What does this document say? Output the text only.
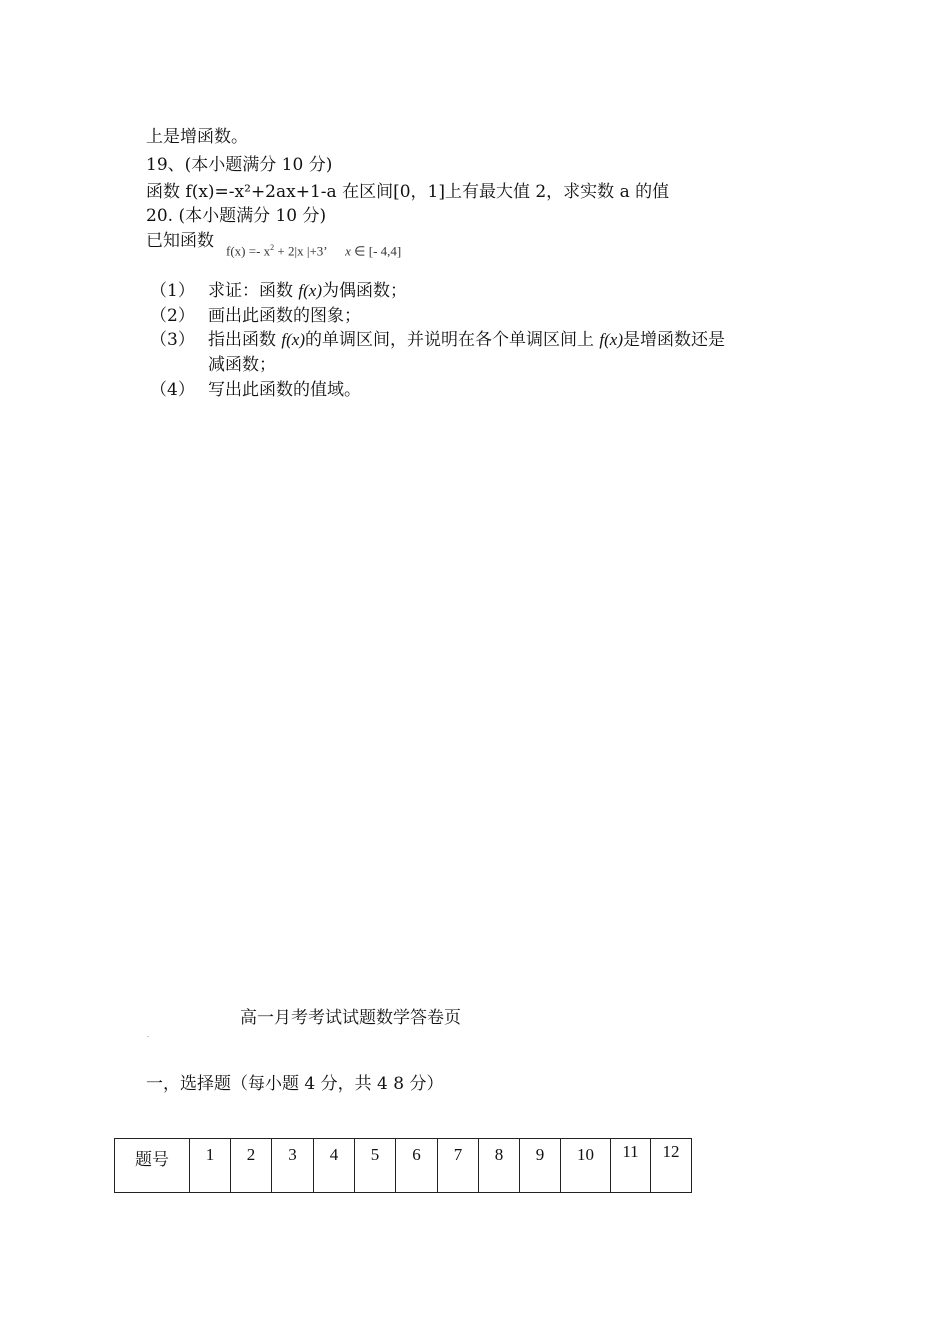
上是增函数。
19、(本小题满分 10 分)
函数 f(x)=-x²+2ax+1-a 在区间[0，1]上有最大值 2，求实数 a 的值
20. (本小题满分 10 分)
已知函数 $f(x) =- x^2 + 2|x$ |+3’ x ∈ [- 4,4]
（1） 求证：函数 f(x)为偶函数；
（2） 画出此函数的图象；
（3） 指出函数 f(x)的单调区间，并说明在各个单调区间上 f(x)是增函数还是
减函数；
（4） 写出此函数的值域。
高一月考考试试题数学答卷页
一，选择题（每小题 4 分，共 4 8 分）
题号	1	2	3	4	5	6	7	8	9	10	11	12
